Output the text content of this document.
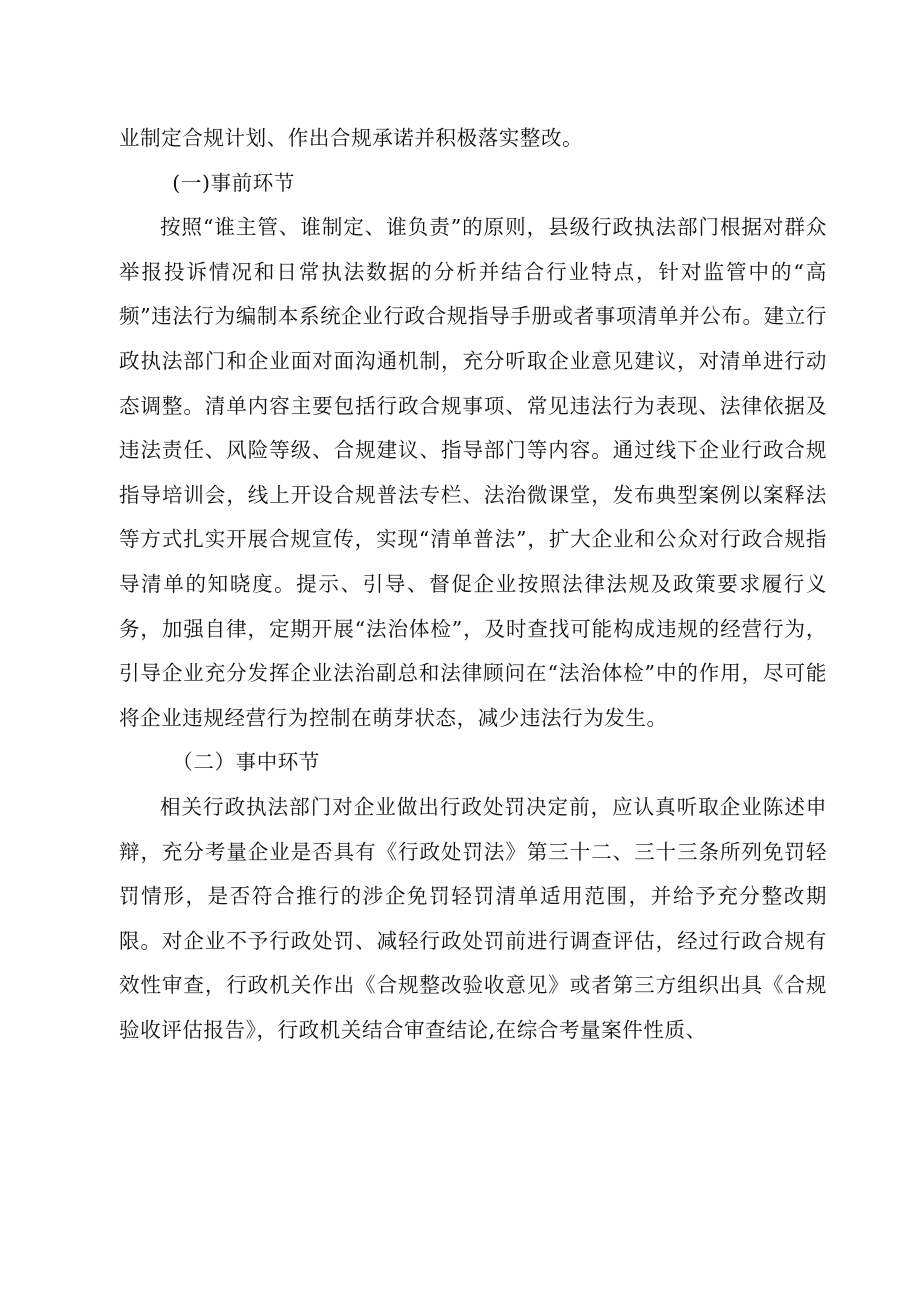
业制定合规计划、作出合规承诺并积极落实整改。

(一)事前环节

按照“谁主管、谁制定、谁负责”的原则，县级行政执法部门根据对群众举报投诉情况和日常执法数据的分析并结合行业特点，针对监管中的“高频”违法行为编制本系统企业行政合规指导手册或者事项清单并公布。建立行政执法部门和企业面对面沟通机制，充分听取企业意见建议，对清单进行动态调整。清单内容主要包括行政合规事项、常见违法行为表现、法律依据及违法责任、风险等级、合规建议、指导部门等内容。通过线下企业行政合规指导培训会，线上开设合规普法专栏、法治微课堂，发布典型案例以案释法等方式扎实开展合规宣传，实现“清单普法”，扩大企业和公众对行政合规指导清单的知晓度。提示、引导、督促企业按照法律法规及政策要求履行义务，加强自律，定期开展“法治体检”，及时查找可能构成违规的经营行为，引导企业充分发挥企业法治副总和法律顾问在“法治体检”中的作用，尽可能将企业违规经营行为控制在萌芽状态，减少违法行为发生。

（二）事中环节

相关行政执法部门对企业做出行政处罚决定前，应认真听取企业陈述申辩，充分考量企业是否具有《行政处罚法》第三十二、三十三条所列免罚轻罚情形，是否符合推行的涉企免罚轻罚清单适用范围，并给予充分整改期限。对企业不予行政处罚、减轻行政处罚前进行调查评估，经过行政合规有效性审查，行政机关作出《合规整改验收意见》或者第三方组织出具《合规验收评估报告》，行政机关结合审查结论,在综合考量案件性质、
